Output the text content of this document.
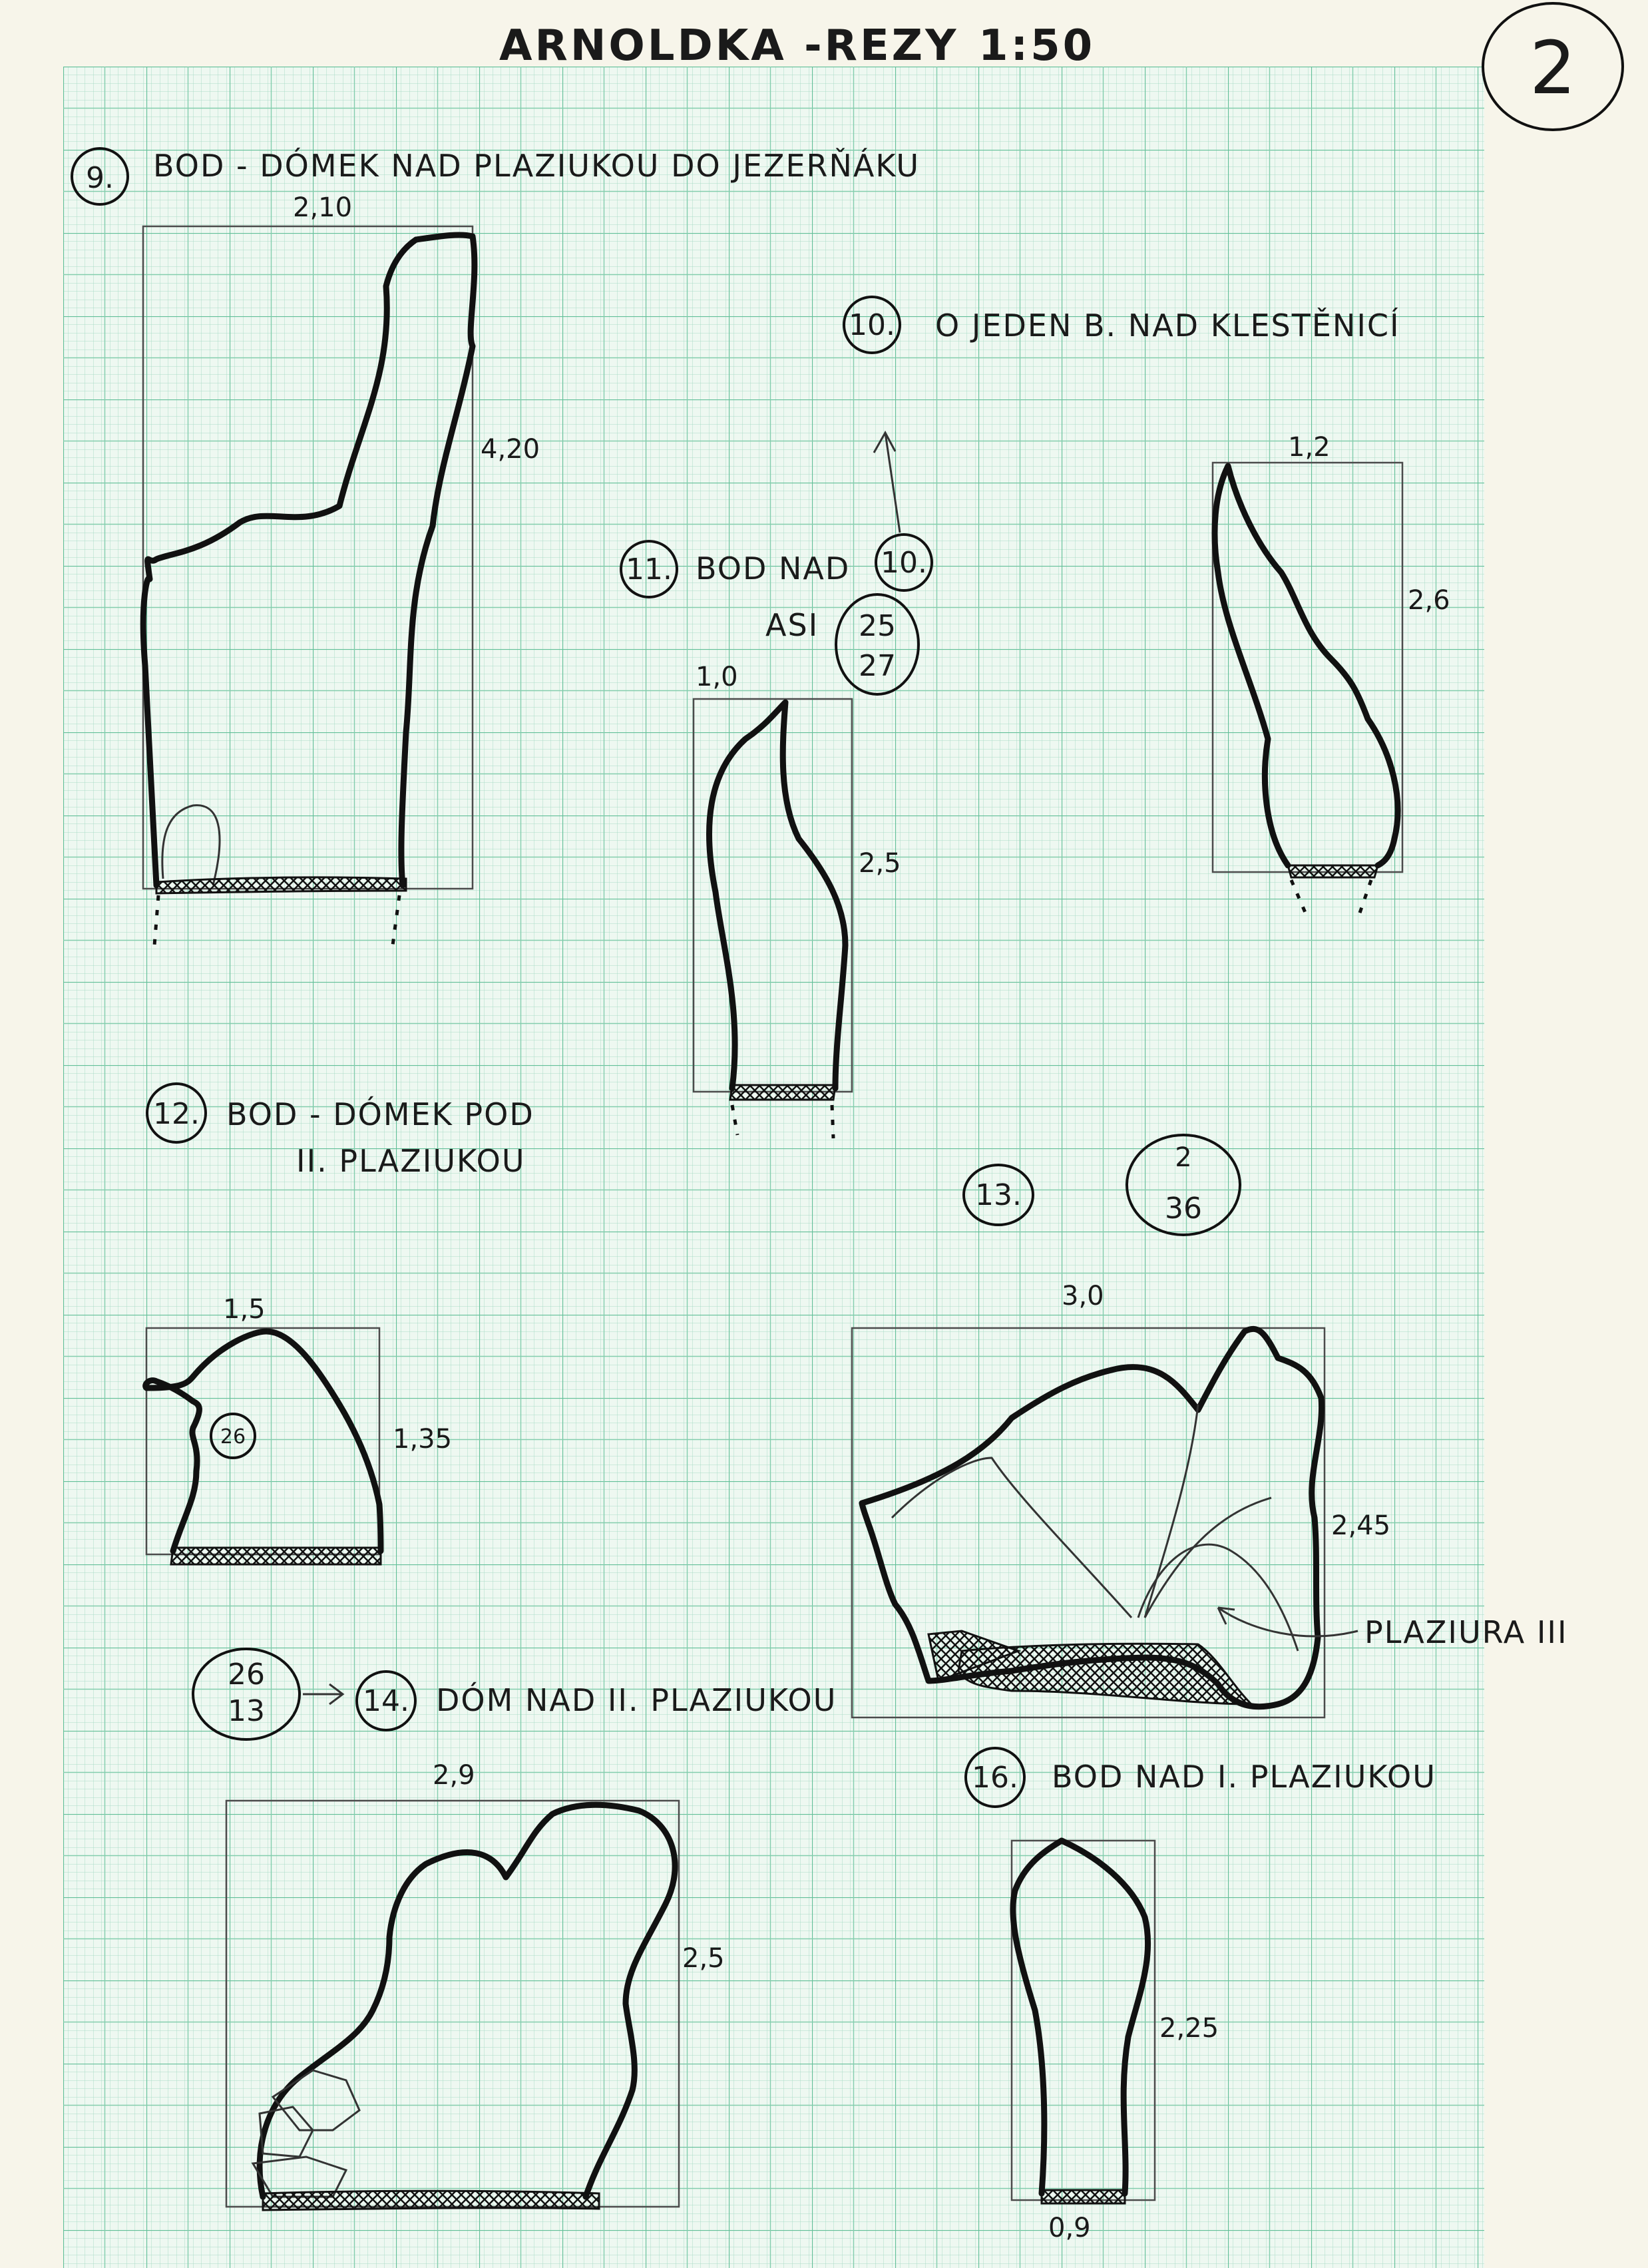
ARNOLDKA -REZY 1:50	2
9. BOD - DÓMEK NAD PLAZIUKOU DO JEZERŇÁKU
2,10
4,20
10. O JEDEN B. NAD KLESTĚNICÍ
1,2
2,6
11. BOD NAD 10.
ASI 25
27
1,0
2,5
12. BOD - DÓMEK POD
II. PLAZIUKOU
1,5
1,35
26
13.
2
36
3,0
2,45
PLAZIURA III
26
13	14. DÓM NAD II. PLAZIUKOU
2,9
2,5
16. BOD NAD I. PLAZIUKOU
2,25
0,9
